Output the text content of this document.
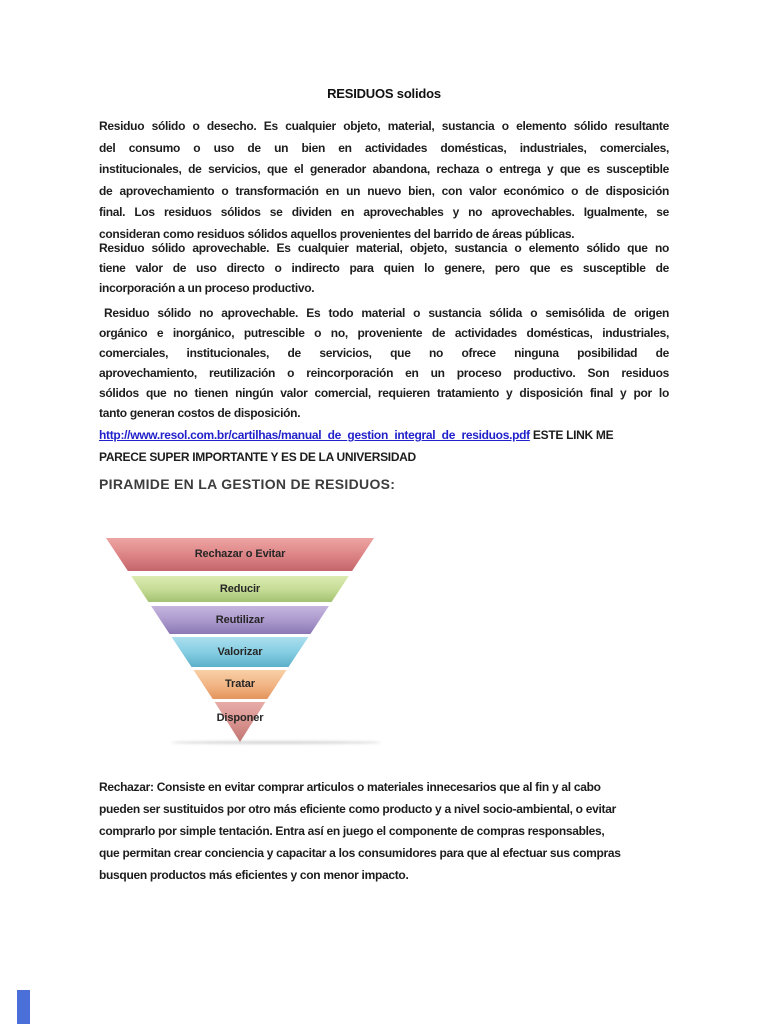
RESIDUOS solidos
Residuo sólido o desecho. Es cualquier objeto, material, sustancia o elemento sólido resultante
del consumo o uso de un bien en actividades domésticas, industriales, comerciales,
institucionales, de servicios, que el generador abandona, rechaza o entrega y que es susceptible
de aprovechamiento o transformación en un nuevo bien, con valor económico o de disposición
final. Los residuos sólidos se dividen en aprovechables y no aprovechables. Igualmente, se
consideran como residuos sólidos aquellos provenientes del barrido de áreas públicas.
Residuo sólido aprovechable. Es cualquier material, objeto, sustancia o elemento sólido que no
tiene valor de uso directo o indirecto para quien lo genere, pero que es susceptible de
incorporación a un proceso productivo.
Residuo sólido no aprovechable. Es todo material o sustancia sólida o semisólida de origen
orgánico e inorgánico, putrescible o no, proveniente de actividades domésticas, industriales,
comerciales, institucionales, de servicios, que no ofrece ninguna posibilidad de
aprovechamiento, reutilización o reincorporación en un proceso productivo. Son residuos
sólidos que no tienen ningún valor comercial, requieren tratamiento y disposición final y por lo
tanto generan costos de disposición.
http://www.resol.com.br/cartilhas/manual_de_gestion_integral_de_residuos.pdf ESTE LINK ME
PARECE SUPER IMPORTANTE Y ES DE LA UNIVERSIDAD
PIRAMIDE EN LA GESTION DE RESIDUOS:
Rechazar o Evitar
Reducir
Reutilizar
Valorizar
Tratar
Disponer
Rechazar: Consiste en evitar comprar articulos o materiales innecesarios que al fin y al cabo
pueden ser sustituidos por otro más eficiente como producto y a nivel socio-ambiental, o evitar
comprarlo por simple tentación. Entra así en juego el componente de compras responsables,
que permitan crear conciencia y capacitar a los consumidores para que al efectuar sus compras
busquen productos más eficientes y con menor impacto.
